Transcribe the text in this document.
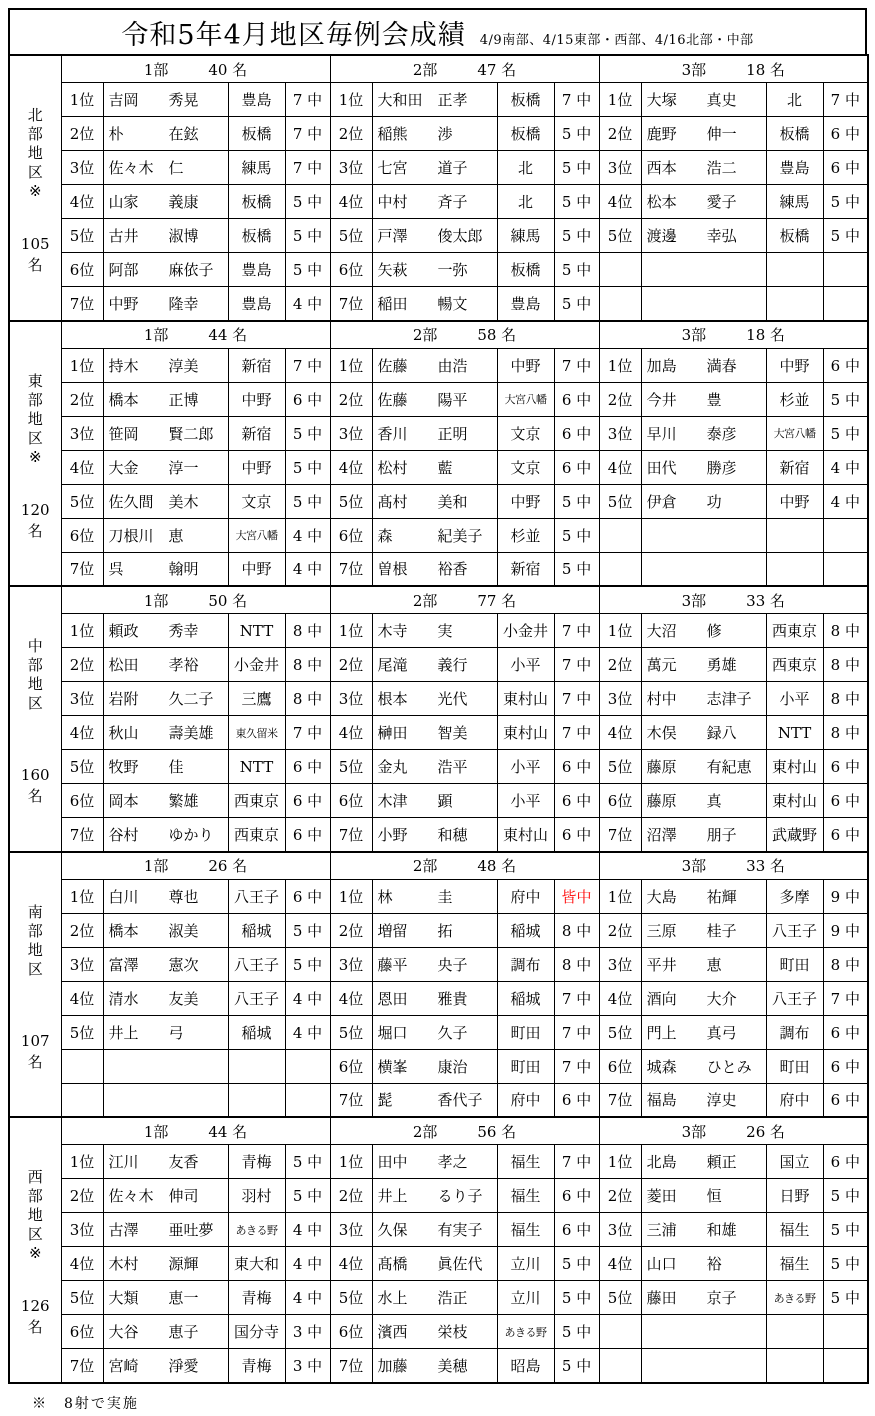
令和5年4月地区毎例会成績 4/9南部、4/15東部・西部、4/16北部・中部
北
部
地
区
※
105
名

1部	40 名	2部	47 名	3部	18 名

	1位	吉岡 秀晃	豊島	7 中	1位	大和田 正孝	板橋	7 中	1位	大塚 真史	北	7 中
	2位	朴 在鉉	板橋	7 中	2位	稲熊 渉	板橋	5 中	2位	鹿野 伸一	板橋	6 中
	3位	佐々木 仁	練馬	7 中	3位	七宮 道子	北	5 中	3位	西本 浩二	豊島	6 中
	4位	山家 義康	板橋	5 中	4位	中村 斉子	北	5 中	4位	松本 愛子	練馬	5 中
	5位	古井 淑博	板橋	5 中	5位	戸澤 俊太郎	練馬	5 中	5位	渡邊 幸弘	板橋	5 中
	6位	阿部 麻依子	豊島	5 中	6位	矢萩 一弥	板橋	5 中		

	7位	中野 隆幸	豊島	4 中	7位	稲田 暢文	豊島	5 中		

東
部
地
区
※
120
名

1部	44 名	2部	58 名	3部	18 名

	1位	持木 淳美	新宿	7 中	1位	佐藤 由浩	中野	7 中	1位	加島 満春	中野	6 中
	2位	橋本 正博	中野	6 中	2位	佐藤 陽平	大宮八幡	6 中	2位	今井 豊	杉並	5 中
	3位	笹岡 賢二郎	新宿	5 中	3位	香川 正明	文京	6 中	3位	早川 泰彦	大宮八幡	5 中
	4位	大金 淳一	中野	5 中	4位	松村 藍	文京	6 中	4位	田代 勝彦	新宿	4 中
	5位	佐久間 美木	文京	5 中	5位	髙村 美和	中野	5 中	5位	伊倉 功	中野	4 中
	6位	刀根川 恵	大宮八幡	4 中	6位	森 紀美子	杉並	5 中		

	7位	呉 翰明	中野	4 中	7位	曽根 裕香	新宿	5 中		

中
部
地
区
160
名

1部	50 名	2部	77 名	3部	33 名

	1位	頼政 秀幸	NTT	8 中	1位	木寺 実	小金井	7 中	1位	大沼 修	西東京	8 中
	2位	松田 孝裕	小金井	8 中	2位	尾滝 義行	小平	7 中	2位	萬元 勇雄	西東京	8 中
	3位	岩附 久二子	三鷹	8 中	3位	根本 光代	東村山	7 中	3位	村中 志津子	小平	8 中
	4位	秋山 壽美雄	東久留米	7 中	4位	榊田 智美	東村山	7 中	4位	木俣 録八	NTT	8 中
	5位	牧野 佳	NTT	6 中	5位	金丸 浩平	小平	6 中	5位	藤原 有紀恵	東村山	6 中
	6位	岡本 繁雄	西東京	6 中	6位	木津 顕	小平	6 中	6位	藤原 真	東村山	6 中
	7位	谷村 ゆかり	西東京	6 中	7位	小野 和穂	東村山	6 中	7位	沼澤 朋子	武蔵野	6 中

南
部
地
区
107
名

1部	26 名	2部	48 名	3部	33 名

	1位	白川 尊也	八王子	6 中	1位	林 圭	府中	皆中	1位	大島 祐輝	多摩	9 中
	2位	橋本 淑美	稲城	5 中	2位	増留 拓	稲城	8 中	2位	三原 桂子	八王子	9 中
	3位	富澤 憲次	八王子	5 中	3位	藤平 央子	調布	8 中	3位	平井 恵	町田	8 中
	4位	清水 友美	八王子	4 中	4位	恩田 雅貴	稲城	7 中	4位	酒向 大介	八王子	7 中
	5位	井上 弓	稲城	4 中	5位	堀口 久子	町田	7 中	5位	門上 真弓	調布	6 中

				6位	横峯 康治	町田	7 中	6位	城森 ひとみ	町田	6 中

				7位	髭 香代子	府中	6 中	7位	福島 淳史	府中	6 中

西
部
地
区
※
126
名

1部	44 名	2部	56 名	3部	26 名

	1位	江川 友香	青梅	5 中	1位	田中 孝之	福生	7 中	1位	北島 頼正	国立	6 中
	2位	佐々木 伸司	羽村	5 中	2位	井上 るり子	福生	6 中	2位	菱田 恒	日野	5 中
	3位	古澤 亜吐夢	あきる野	4 中	3位	久保 有実子	福生	6 中	3位	三浦 和雄	福生	5 中
	4位	木村 源輝	東大和	4 中	4位	髙橋 眞佐代	立川	5 中	4位	山口 裕	福生	5 中
	5位	大類 恵一	青梅	4 中	5位	水上 浩正	立川	5 中	5位	藤田 京子	あきる野	5 中
	6位	大谷 恵子	国分寺	3 中	6位	濱西 栄枝	あきる野	5 中		

	7位	宮崎 淨愛	青梅	3 中	7位	加藤 美穂	昭島	5 中		

※　8射で実施
